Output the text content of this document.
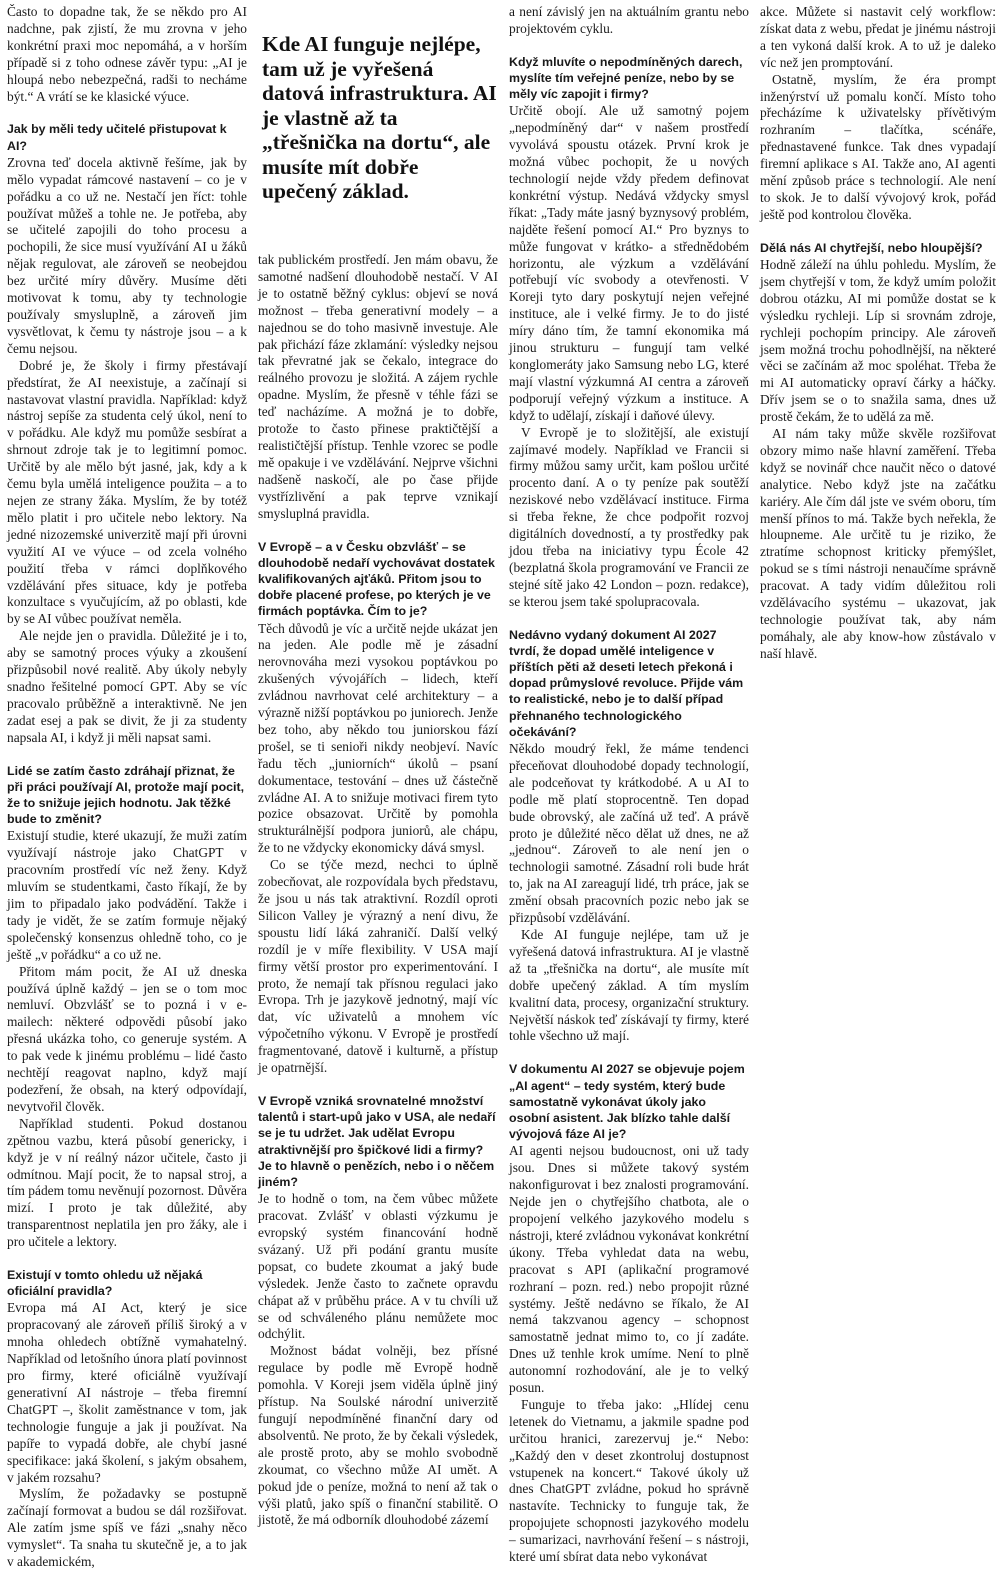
Často to dopadne tak, že se někdo pro AI nadchne, pak zjistí, že mu zrovna v jeho konkrétní praxi moc nepomáhá, a v horším případě si z toho odnese závěr typu: „AI je hloupá nebo nebezpečná, radši to necháme být.“ A vrátí se ke klasické výuce.

Jak by měli tedy učitelé přistupovat k AI?

Zrovna teď docela aktivně řešíme, jak by mělo vypadat rámcové nastavení – co je v pořádku a co už ne. Nestačí jen říct: tohle používat můžeš a tohle ne. Je potřeba, aby se učitelé zapojili do toho procesu a pochopili, že sice musí využívání AI u žáků nějak regulovat, ale zároveň se neobejdou bez určité míry důvěry. Musíme děti motivovat k tomu, aby ty technologie používaly smysluplně, a zároveň jim vysvětlovat, k čemu ty nástroje jsou – a k čemu nejsou.

Dobré je, že školy i firmy přestávají předstírat, že AI neexistuje, a začínají si nastavovat vlastní pravidla. Například: když nástroj sepíše za studenta celý úkol, není to v pořádku. Ale když mu pomůže sesbírat a shrnout zdroje tak je to legitimní pomoc. Určitě by ale mělo být jasné, jak, kdy a k čemu byla umělá inteligence použita – a to nejen ze strany žáka. Myslím, že by totéž mělo platit i pro učitele nebo lektory. Na jedné nizozemské univerzitě mají při úrovni využití AI ve výuce – od zcela volného použití třeba v rámci doplňkového vzdělávání přes situace, kdy je potřeba konzultace s vyučujícím, až po oblasti, kde by se AI vůbec používat neměla.

Ale nejde jen o pravidla. Důležité je i to, aby se samotný proces výuky a zkoušení přizpůsobil nové realitě. Aby úkoly nebyly snadno řešitelné pomocí GPT. Aby se víc pracovalo průběžně a interaktivně. Ne jen zadat esej a pak se divit, že ji za studenty napsala AI, i když ji měli napsat sami.

Lidé se zatím často zdráhají přiznat, že při práci používají AI, protože mají pocit, že to snižuje jejich hodnotu. Jak těžké bude to změnit?

Existují studie, které ukazují, že muži zatím využívají nástroje jako ChatGPT v pracovním prostředí víc než ženy. Když mluvím se studentkami, často říkají, že by jim to připadalo jako podvádění. Takže i tady je vidět, že se zatím formuje nějaký společenský konsenzus ohledně toho, co je ještě „v pořádku“ a co už ne.

Přitom mám pocit, že AI už dneska používá úplně každý – jen se o tom moc nemluví. Obzvlášť se to pozná i v e-mailech: některé odpovědi působí jako přesná ukázka toho, co generuje systém. A to pak vede k jinému problému – lidé často nechtějí reagovat naplno, když mají podezření, že obsah, na který odpovídají, nevytvořil člověk.

Například studenti. Pokud dostanou zpětnou vazbu, která působí genericky, i když je v ní reálný názor učitele, často ji odmítnou. Mají pocit, že to napsal stroj, a tím pádem tomu nevěnují pozornost. Důvěra mizí. I proto je tak důležité, aby transparentnost neplatila jen pro žáky, ale i pro učitele a lektory.

Existují v tomto ohledu už nějaká oficiální pravidla?

Evropa má AI Act, který je sice propracovaný ale zároveň příliš široký a v mnoha ohledech obtížně vymahatelný. Například od letošního února platí povinnost pro firmy, které oficiálně využívají generativní AI nástroje – třeba firemní ChatGPT –, školit zaměstnance v tom, jak technologie funguje a jak ji používat. Na papíře to vypadá dobře, ale chybí jasné specifikace: jaká školení, s jakým obsahem, v jakém rozsahu?

Myslím, že požadavky se postupně začínají formovat a budou se dál rozšiřovat. Ale zatím jsme spíš ve fázi „snahy něco vymyslet“. Ta snaha tu skutečně je, a to jak v akademickém,

Kde AI funguje nejlépe, tam už je vyřešená datová infrastruktura. AI je vlastně až ta „třešnička na dortu“, ale musíte mít dobře upečený základ.

tak publickém prostředí. Jen mám obavu, že samotné nadšení dlouhodobě nestačí. V AI je to ostatně běžný cyklus: objeví se nová možnost – třeba generativní modely – a najednou se do toho masivně investuje. Ale pak přichází fáze zklamání: výsledky nejsou tak převratné jak se čekalo, integrace do reálného provozu je složitá. A zájem rychle opadne. Myslím, že přesně v téhle fázi se teď nacházíme. A možná je to dobře, protože to často přinese praktičtější a realističtější přístup. Tenhle vzorec se podle mě opakuje i ve vzdělávání. Nejprve všichni nadšeně naskočí, ale po čase přijde vystřízlivění a pak teprve vznikají smysluplná pravidla.

V Evropě – a v Česku obzvlášť – se dlouhodobě nedaří vychovávat dostatek kvalifikovaných ajťáků. Přitom jsou to dobře placené profese, po kterých je ve firmách poptávka. Čím to je?

Těch důvodů je víc a určitě nejde ukázat jen na jeden. Ale podle mě je zásadní nerovnováha mezi vysokou poptávkou po zkušených vývojářích – lidech, kteří zvládnou navrhovat celé architektury – a výrazně nižší poptávkou po juniorech. Jenže bez toho, aby někdo tou juniorskou fází prošel, se ti senioři nikdy neobjeví. Navíc řadu těch „juniorních“ úkolů – psaní dokumentace, testování – dnes už částečně zvládne AI. A to snižuje motivaci firem tyto pozice obsazovat. Určitě by pomohla strukturálnější podpora juniorů, ale chápu, že to ne vždycky ekonomicky dává smysl.

Co se týče mezd, nechci to úplně zobecňovat, ale rozpovídala bych představu, že jsou u nás tak atraktivní. Rozdíl oproti Silicon Valley je výrazný a není divu, že spoustu lidí láká zahraničí. Další velký rozdíl je v míře flexibility. V USA mají firmy větší prostor pro experimentování. I proto, že nemají tak přísnou regulaci jako Evropa. Trh je jazykově jednotný, mají víc dat, víc uživatelů a mnohem víc výpočetního výkonu. V Evropě je prostředí fragmentované, datově i kulturně, a přístup je opatrnější.

V Evropě vzniká srovnatelné množství talentů i start-upů jako v USA, ale nedaří se je tu udržet. Jak udělat Evropu atraktivnější pro špičkové lidi a firmy? Je to hlavně o penězích, nebo i o něčem jiném?

Je to hodně o tom, na čem vůbec můžete pracovat. Zvlášť v oblasti výzkumu je evropský systém financování hodně svázaný. Už při podání grantu musíte popsat, co budete zkoumat a jaký bude výsledek. Jenže často to začnete opravdu chápat až v průběhu práce. A v tu chvíli už se od schváleného plánu nemůžete moc odchýlit.

Možnost bádat volněji, bez přísné regulace by podle mě Evropě hodně pomohla. V Koreji jsem viděla úplně jiný přístup. Na Soulské národní univerzitě fungují nepodmíněné finanční dary od absolventů. Ne proto, že by čekali výsledek, ale prostě proto, aby se mohlo svobodně zkoumat, co všechno může AI umět. A pokud jde o peníze, možná to není až tak o výši platů, jako spíš o finanční stabilitě. O jistotě, že má odborník dlouhodobé zázemí

a není závislý jen na aktuálním grantu nebo projektovém cyklu.

Když mluvíte o nepodmíněných darech, myslíte tím veřejné peníze, nebo by se měly víc zapojit i firmy?

Určitě obojí. Ale už samotný pojem „nepodmíněný dar“ v našem prostředí vyvolává spoustu otázek. První krok je možná vůbec pochopit, že u nových technologií nejde vždy předem definovat konkrétní výstup. Nedává vždycky smysl říkat: „Tady máte jasný byznysový problém, najděte řešení pomocí AI.“ Pro byznys to může fungovat v krátko- a střednědobém horizontu, ale výzkum a vzdělávání potřebují víc svobody a otevřenosti. V Koreji tyto dary poskytují nejen veřejné instituce, ale i velké firmy. Je to do jisté míry dáno tím, že tamní ekonomika má jinou strukturu – fungují tam velké konglomeráty jako Samsung nebo LG, které mají vlastní výzkumná AI centra a zároveň podporují veřejný výzkum a instituce. A když to udělají, získají i daňové úlevy.

V Evropě je to složitější, ale existují zajímavé modely. Například ve Francii si firmy můžou samy určit, kam pošlou určité procento daní. A o ty peníze pak soutěží neziskové nebo vzdělávací instituce. Firma si třeba řekne, že chce podpořit rozvoj digitálních dovedností, a ty prostředky pak jdou třeba na iniciativy typu École 42 (bezplatná škola programování ve Francii ze stejné sítě jako 42 London – pozn. redakce), se kterou jsem také spolupracovala.

Nedávno vydaný dokument AI 2027 tvrdí, že dopad umělé inteligence v příštích pěti až deseti letech překoná i dopad průmyslové revoluce. Přijde vám to realistické, nebo je to další případ přehnaného technologického očekávání?

Někdo moudrý řekl, že máme tendenci přeceňovat dlouhodobé dopady technologií, ale podceňovat ty krátkodobé. A u AI to podle mě platí stoprocentně. Ten dopad bude obrovský, ale začíná už teď. A právě proto je důležité něco dělat už dnes, ne až „jednou“. Zároveň to ale není jen o technologii samotné. Zásadní roli bude hrát to, jak na AI zareagují lidé, trh práce, jak se změní obsah pracovních pozic nebo jak se přizpůsobí vzdělávání.

Kde AI funguje nejlépe, tam už je vyřešená datová infrastruktura. AI je vlastně až ta „třešnička na dortu“, ale musíte mít dobře upečený základ. A tím myslím kvalitní data, procesy, organizační struktury. Největší náskok teď získávají ty firmy, které tohle všechno už mají.

V dokumentu AI 2027 se objevuje pojem „AI agent“ – tedy systém, který bude samostatně vykonávat úkoly jako osobní asistent. Jak blízko tahle další vývojová fáze AI je?

AI agenti nejsou budoucnost, oni už tady jsou. Dnes si můžete takový systém nakonfigurovat i bez znalosti programování. Nejde jen o chytřejšího chatbota, ale o propojení velkého jazykového modelu s nástroji, které zvládnou vykonávat konkrétní úkony. Třeba vyhledat data na webu, pracovat s API (aplikační programové rozhraní – pozn. red.) nebo propojit různé systémy. Ještě nedávno se říkalo, že AI nemá takzvanou agency – schopnost samostatně jednat mimo to, co jí zadáte. Dnes už tenhle krok umíme. Není to plně autonomní rozhodování, ale je to velký posun.

Funguje to třeba jako: „Hlídej cenu letenek do Vietnamu, a jakmile spadne pod určitou hranici, zarezervuj je.“ Nebo: „Každý den v deset zkontroluj dostupnost vstupenek na koncert.“ Takové úkoly už dnes ChatGPT zvládne, pokud ho správně nastavíte. Technicky to funguje tak, že propojujete schopnosti jazykového modelu – sumarizaci, navrhování řešení – s nástroji, které umí sbírat data nebo vykonávat

akce. Můžete si nastavit celý workflow: získat data z webu, předat je jinému nástroji a ten vykoná další krok. A to už je daleko víc než jen promptování.

Ostatně, myslím, že éra prompt inženýrství už pomalu končí. Místo toho přecházíme k uživatelsky přívětivým rozhraním – tlačítka, scénáře, přednastavené funkce. Tak dnes vypadají firemní aplikace s AI. Takže ano, AI agenti mění způsob práce s technologií. Ale není to skok. Je to další vývojový krok, pořád ještě pod kontrolou člověka.

Dělá nás AI chytřejší, nebo hloupější?

Hodně záleží na úhlu pohledu. Myslím, že jsem chytřejší v tom, že když umím položit dobrou otázku, AI mi pomůže dostat se k výsledku rychleji. Líp si srovnám zdroje, rychleji pochopím principy. Ale zároveň jsem možná trochu pohodlnější, na některé věci se začínám až moc spoléhat. Třeba že mi AI automaticky opraví čárky a háčky. Dřív jsem se o to snažila sama, dnes už prostě čekám, že to udělá za mě.

AI nám taky může skvěle rozšiřovat obzory mimo naše hlavní zaměření. Třeba když se novinář chce naučit něco o datové analytice. Nebo když jste na začátku kariéry. Ale čím dál jste ve svém oboru, tím menší přínos to má. Takže bych neřekla, že hloupneme. Ale určitě tu je riziko, že ztratíme schopnost kriticky přemýšlet, pokud se s tími nástroji nenaučíme správně pracovat. A tady vidím důležitou roli vzdělávacího systému – ukazovat, jak technologie používat tak, aby nám pomáhaly, ale aby know-how zůstávalo v naší hlavě.
